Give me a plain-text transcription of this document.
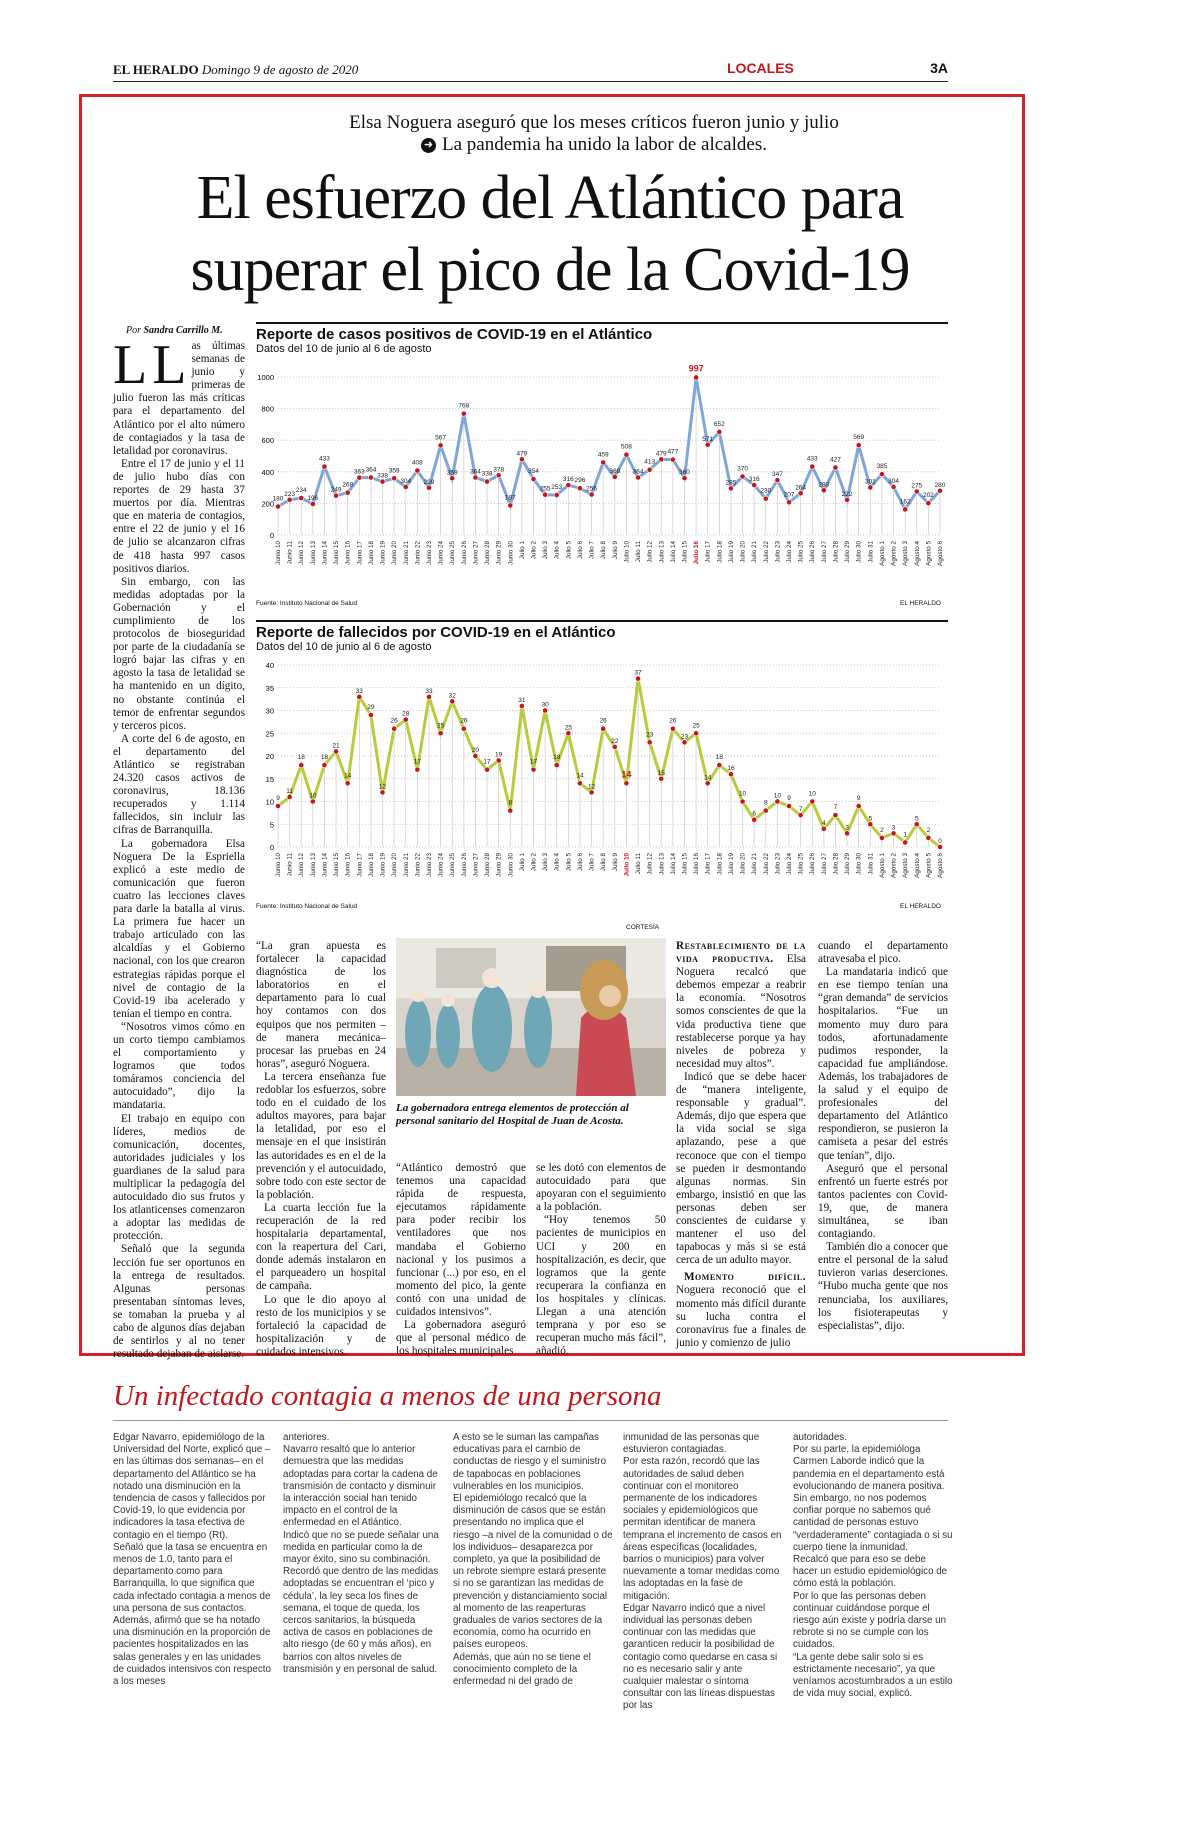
EL HERALDO Domingo 9 de agosto de 2020	LOCALES	3A
Elsa Noguera aseguró que los meses críticos fueron junio y julio
➜ La pandemia ha unido la labor de alcaldes.
El esfuerzo del Atlántico para
superar el pico de la Covid-19
Por Sandra Carrillo M.

L L as últimas semanas de junio y primeras de julio fueron las más críticas para el departamento del Atlántico por el alto número de contagiados y la tasa de letalidad por coronavirus.

Entre el 17 de junio y el 11 de julio hubo días con reportes de 29 hasta 37 muertos por día. Mientras que en materia de contagios, entre el 22 de junio y el 16 de julio se alcanzaron cifras de 418 hasta 997 casos positivos diarios.

Sin embargo, con las medidas adoptadas por la Gobernación y el cumplimiento de los protocolos de bioseguridad por parte de la ciudadanía se logró bajar las cifras y en agosto la tasa de letalidad se ha mantenido en un dígito, no obstante continúa el temor de enfrentar segundos y terceros picos.

A corte del 6 de agosto, en el departamento del Atlántico se registraban 24.320 casos activos de coronavirus, 18.136 recuperados y 1.114 fallecidos, sin incluir las cifras de Barranquilla.

La gobernadora Elsa Noguera De la Espriella explicó a este medio de comunicación que fueron cuatro las lecciones claves para darle la batalla al virus. La primera fue hacer un trabajo articulado con las alcaldías y el Gobierno nacional, con los que crearon estrategias rápidas porque el nivel de contagio de la Covid-19 iba acelerado y tenían el tiempo en contra.

“Nosotros vimos cómo en un corto tiempo cambiamos el comportamiento y logramos que todos tomáramos conciencia del autocuidado”, dijo la mandataria.

El trabajo en equipo con líderes, medios de comunicación, docentes, autoridades judiciales y los guardianes de la salud para multiplicar la pedagogía del autocuidado dio sus frutos y los atlanticenses comenzaron a adoptar las medidas de protección.

Señaló que la segunda lección fue ser oportunos en la entrega de resultados. Algunas personas presentaban síntomas leves, se tomaban la prueba y al cabo de algunos días dejaban de sentirlos y al no tener resultado dejaban de aislarse.

Reporte de casos positivos de COVID-19 en el Atlántico
Datos del 10 de junio al 6 de agosto
0
200
400
600
800
1000
180
Junio 10
223
Junio 11
234
Junio 12
196
Junio 13
433
Junio 14
249
Junio 15
268
Junio 16
363
Junio 17
364
Junio 18
338
Junio 19
359
Junio 20
304
Junio 21
408
Junio 22
299
Junio 23
567
Junio 24
359
Junio 25
768
Junio 26
364
Junio 27
338
Junio 28
378
Junio 29
187
Junio 30
479
Julio 1
354
Julio 2
255
Julio 3
253
Julio 4
316
Julio 5
296
Julio 6
256
Julio 7
459
Julio 8
368
Julio 9
508
Julio 10
364
Julio 11
413
Julio 12
479
Julio 13
477
Julio 14
360
Julio 15
997
Julio 16
571
Julio 17
652
Julio 18
295
Julio 19
370
Julio 20
316
Julio 21
230
Julio 22
347
Julio 23
207
Julio 24
264
Julio 25
433
Julio 26
283
Julio 27
427
Julio 28
222
Julio 29
569
Julio 30
301
Julio 31
385
Agosto 1
304
Agosto 2
162
Agosto 3
275
Agosto 4
202
Agosto 5
280
Agosto 6
Fuente: Instituto Nacional de Salud	EL HERALDO
Reporte de fallecidos por COVID-19 en el Atlántico
Datos del 10 de junio al 6 de agosto
0
5
10
15
20
25
30
35
40
9
Junio 10
11
Junio 11
18
Junio 12
10
Junio 13
18
Junio 14
21
Junio 15
14
Junio 16
33
Junio 17
29
Junio 18
12
Junio 19
26
Junio 20
28
Junio 21
17
Junio 22
33
Junio 23
25
Junio 24
32
Junio 25
26
Junio 26
20
Junio 27
17
Junio 28
19
Junio 29
8
Junio 30
31
Julio 1
17
Julio 2
30
Julio 3
18
Julio 4
25
Julio 5
14
Julio 6
12
Julio 7
26
Julio 8
22
Julio 9
14
Julio 10
37
Julio 11
23
Julio 12
15
Julio 13
26
Julio 14
23
Julio 15
25
Julio 16
14
Julio 17
18
Julio 18
16
Julio 19
10
Julio 20
6
Julio 21
8
Julio 22
10
Julio 23
9
Julio 24
7
Julio 25
10
Julio 26
4
Julio 27
7
Julio 28
3
Julio 29
9
Julio 30
5
Julio 31
2
Agosto 1
3
Agosto 2
1
Agosto 3
5
Agosto 4
2
Agosto 5
0
Agosto 6
Fuente: Instituto Nacional de Salud	EL HERALDO

“La gran apuesta es fortalecer la capacidad diagnóstica de los laboratorios en el departamento para lo cual hoy contamos con dos equipos que nos permiten –de manera mecánica– procesar las pruebas en 24 horas”, aseguró Noguera.

La tercera enseñanza fue redoblar los esfuerzos, sobre todo en el cuidado de los adultos mayores, para bajar la letalidad, por eso el mensaje en el que insistirán las autoridades es en el de la prevención y el autocuidado, sobre todo con este sector de la población.

La cuarta lección fue la recuperación de la red hospitalaria departamental, con la reapertura del Cari, donde además instalaron en el parqueadero un hospital de campaña.

Lo que le dio apoyo al resto de los municipios y se fortaleció la capacidad de hospitalización y de cuidados intensivos.

CORTESÍA
La gobernadora entrega elementos de protección al personal sanitario del Hospital de Juan de Acosta.

“Atlántico demostró que tenemos una capacidad rápida de respuesta, ejecutamos rápidamente para poder recibir los ventiladores que nos mandaba el Gobierno nacional y los pusimos a funcionar (...) por eso, en el momento del pico, la gente contó con una unidad de cuidados intensivos”.

La gobernadora aseguró que al personal médico de los hospitales municipales

se les dotó con elementos de autocuidado para que apoyaran con el seguimiento a la población.

“Hoy tenemos 50 pacientes de municipios en UCI y 200 en hospitalización, es decir, que logramos que la gente recuperara la confianza en los hospitales y clínicas. Llegan a una atención temprana y por eso se recuperan mucho más fácil”, añadió.

Restablecimiento de la vida productiva. Elsa Noguera recalcó que debemos empezar a reabrir la economía. “Nosotros somos conscientes de que la vida productiva tiene que restablecerse porque ya hay niveles de pobreza y necesidad muy altos”.

Indicó que se debe hacer de “manera inteligente, responsable y gradual”. Además, dijo que espera que la vida social se siga aplazando, pese a que reconoce que con el tiempo se pueden ir desmontando algunas normas. Sin embargo, insistió en que las personas deben ser conscientes de cuidarse y mantener el uso del tapabocas y más si se está cerca de un adulto mayor.

Momento difícil. Noguera reconoció que el momento más difícil durante su lucha contra el coronavirus fue a finales de junio y comienzo de julio

cuando el departamento atravesaba el pico.

La mandataria indicó que en ese tiempo tenían una “gran demanda” de servicios hospitalarios. “Fue un momento muy duro para todos, afortunadamente pudimos responder, la capacidad fue ampliándose. Además, los trabajadores de la salud y el equipo de profesionales del departamento del Atlántico respondieron, se pusieron la camiseta a pesar del estrés que tenían”, dijo.

Aseguró que el personal enfrentó un fuerte estrés por tantos pacientes con Covid-19, que, de manera simultánea, se iban contagiando.

También dio a conocer que entre el personal de la salud tuvieron varias deserciones. “Hubo mucha gente que nos renunciaba, los auxiliares, los fisioterapeutas y especialistas”, dijo.

Un infectado contagia a menos de una persona

Edgar Navarro, epidemiólogo de la Universidad del Norte, explicó que –en las últimas dos semanas– en el departamento del Atlántico se ha notado una disminución en la tendencia de casos y fallecidos por Covid-19, lo que evidencia por indicadores la tasa efectiva de contagio en el tiempo (Rt).

Señaló que la tasa se encuentra en menos de 1.0, tanto para el departamento como para Barranquilla, lo que significa que cada infectado contagia a menos de una persona de sus contactos.

Además, afirmó que se ha notado una disminución en la proporción de pacientes hospitalizados en las salas generales y en las unidades de cuidados intensivos con respecto a los meses

anteriores.

Navarro resaltó que lo anterior demuestra que las medidas adoptadas para cortar la cadena de transmisión de contacto y disminuir la interacción social han tenido impacto en el control de la enfermedad en el Atlántico.

Indicó que no se puede señalar una medida en particular como la de mayor éxito, sino su combinación.

Recordó que dentro de las medidas adoptadas se encuentran el ‘pico y cédula’, la ley seca los fines de semana, el toque de queda, los cercos sanitarios, la búsqueda activa de casos en poblaciones de alto riesgo (de 60 y más años), en barrios con altos niveles de transmisión y en personal de salud.

A esto se le suman las campañas educativas para el cambio de conductas de riesgo y el suministro de tapabocas en poblaciones vulnerables en los municipios.

El epidemiólogo recalcó que la disminución de casos que se están presentando no implica que el riesgo –a nivel de la comunidad o de los individuos– desaparezca por completo, ya que la posibilidad de un rebrote siempre estará presente si no se garantizan las medidas de prevención y distanciamiento social al momento de las reaperturas graduales de varios sectores de la economía, como ha ocurrido en países europeos.

Además, que aún no se tiene el conocimiento completo de la enfermedad ni del grado de

inmunidad de las personas que estuvieron contagiadas.

Por esta razón, recordó que las autoridades de salud deben continuar con el monitoreo permanente de los indicadores sociales y epidemiológicos que permitan identificar de manera temprana el incremento de casos en áreas específicas (localidades, barrios o municipios) para volver nuevamente a tomar medidas como las adoptadas en la fase de mitigación.

Edgar Navarro indicó que a nivel individual las personas deben continuar con las medidas que garanticen reducir la posibilidad de contagio como quedarse en casa si no es necesario salir y ante cualquier malestar o síntoma consultar con las líneas dispuestas por las

autoridades.

Por su parte, la epidemióloga Carmen Laborde indicó que la pandemia en el departamento está evolucionando de manera positiva. Sin embargo, no nos podemos confiar porque no sabemos qué cantidad de personas estuvo “verdaderamente” contagiada o si su cuerpo tiene la inmunidad.

Recalcó que para eso se debe hacer un estudio epidemiológico de cómo está la población.

Por lo que las personas deben continuar cuidándose porque el riesgo aún existe y podría darse un rebrote si no se cumple con los cuidados.

“La gente debe salir solo si es estrictamente necesario”, ya que veníamos acostumbrados a un estilo de vida muy social, explicó.
